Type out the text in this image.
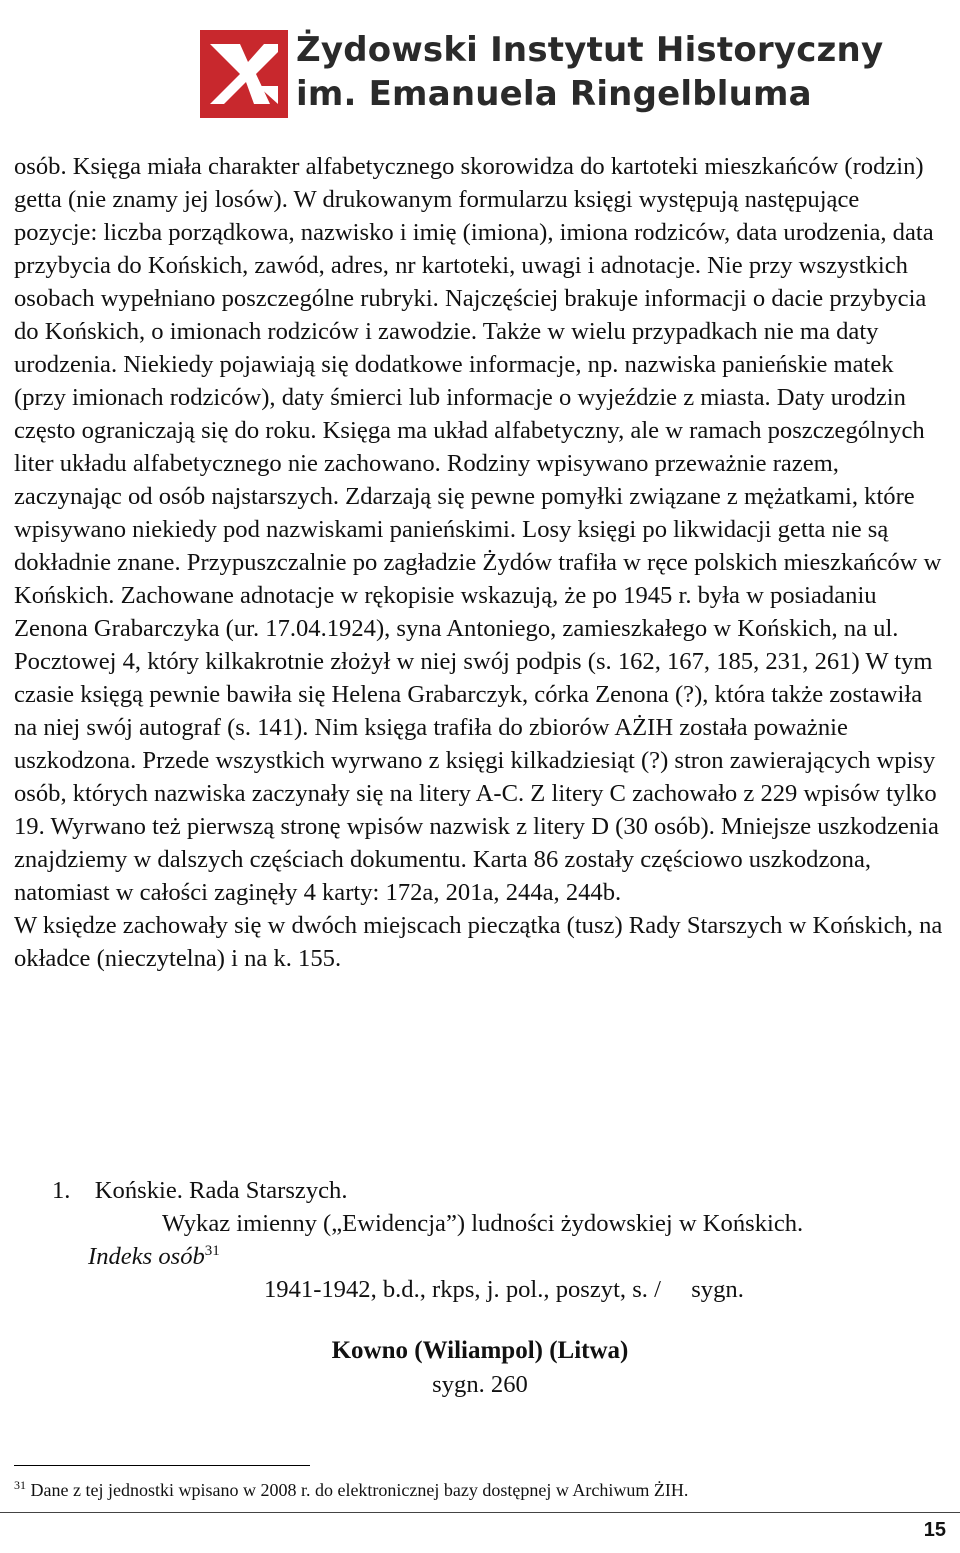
Żydowski Instytut Historyczny
im. Emanuela Ringelbluma

osób. Księga miała charakter alfabetycznego skorowidza do kartoteki mieszkańców (rodzin) getta (nie znamy jej losów). W drukowanym formularzu księgi występują następujące pozycje: liczba porządkowa, nazwisko i imię (imiona), imiona rodziców, data urodzenia, data przybycia do Końskich, zawód, adres, nr kartoteki, uwagi i adnotacje. Nie przy wszystkich osobach wypełniano poszczególne rubryki. Najczęściej brakuje informacji o dacie przybycia do Końskich, o imionach rodziców i zawodzie. Także w wielu przypadkach nie ma daty urodzenia. Niekiedy pojawiają się dodatkowe informacje, np. nazwiska panieńskie matek (przy imionach rodziców), daty śmierci lub informacje o wyjeździe z miasta. Daty urodzin często ograniczają się do roku. Księga ma układ alfabetyczny, ale w ramach poszczególnych liter układu alfabetycznego nie zachowano. Rodziny wpisywano przeważnie razem, zaczynając od osób najstarszych. Zdarzają się pewne pomyłki związane z mężatkami, które wpisywano niekiedy pod nazwiskami panieńskimi. Losy księgi po likwidacji getta nie są dokładnie znane. Przypuszczalnie po zagładzie Żydów trafiła w ręce polskich mieszkańców w Końskich. Zachowane adnotacje w rękopisie wskazują, że po 1945 r. była w posiadaniu Zenona Grabarczyka (ur. 17.04.1924), syna Antoniego, zamieszkałego w Końskich, na ul. Pocztowej 4, który kilkakrotnie złożył w niej swój podpis (s. 162, 167, 185, 231, 261) W tym czasie księgą pewnie bawiła się Helena Grabarczyk, córka Zenona (?), która także zostawiła na niej swój autograf (s. 141). Nim księga trafiła do zbiorów AŻIH została poważnie uszkodzona. Przede wszystkich wyrwano z księgi kilkadziesiąt (?) stron zawierających wpisy osób, których nazwiska zaczynały się na litery A-C. Z litery C zachowało z 229 wpisów tylko 19. Wyrwano też pierwszą stronę wpisów nazwisk z litery D (30 osób). Mniejsze uszkodzenia znajdziemy w dalszych częściach dokumentu. Karta 86 zostały częściowo uszkodzona, natomiast w całości zaginęły 4 karty: 172a, 201a, 244a, 244b.

W księdze zachowały się w dwóch miejscach pieczątka (tusz) Rady Starszych w Końskich, na okładce (nieczytelna) i na k. 155.

1. Końskie. Rada Starszych.
Wykaz imienny („Ewidencja”) ludności żydowskiej w Końskich.
Indeks osób$^{31}$
1941-1942, b.d., rkps, j. pol., poszyt, s. / sygn.
Kowno (Wiliampol) (Litwa)
sygn. 260
$^{31}$ Dane z tej jednostki wpisano w 2008 r. do elektronicznej bazy dostępnej w Archiwum ŻIH.
15
